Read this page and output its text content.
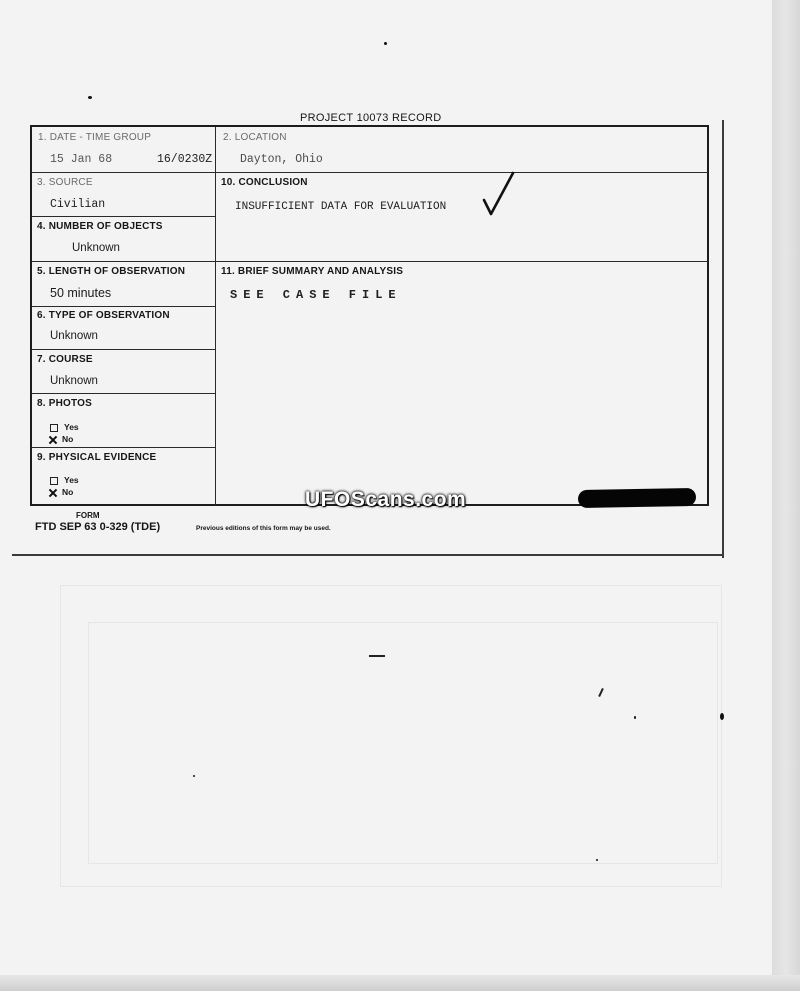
PROJECT 10073 RECORD
1. DATE - TIME GROUP
15 Jan 68	16/0230Z
2. LOCATION
Dayton, Ohio
3. SOURCE
Civilian
10. CONCLUSION
INSUFFICIENT DATA FOR EVALUATION
4. NUMBER OF OBJECTS
Unknown
5. LENGTH OF OBSERVATION
50 minutes
11. BRIEF SUMMARY AND ANALYSIS
SEE CASE FILE
6. TYPE OF OBSERVATION
Unknown
7. COURSE
Unknown
8. PHOTOS
Yes
No
9. PHYSICAL EVIDENCE
Yes
No	UFOScans.com
FORM
FTD SEP 63 0-329 (TDE)	Previous editions of this form may be used.
